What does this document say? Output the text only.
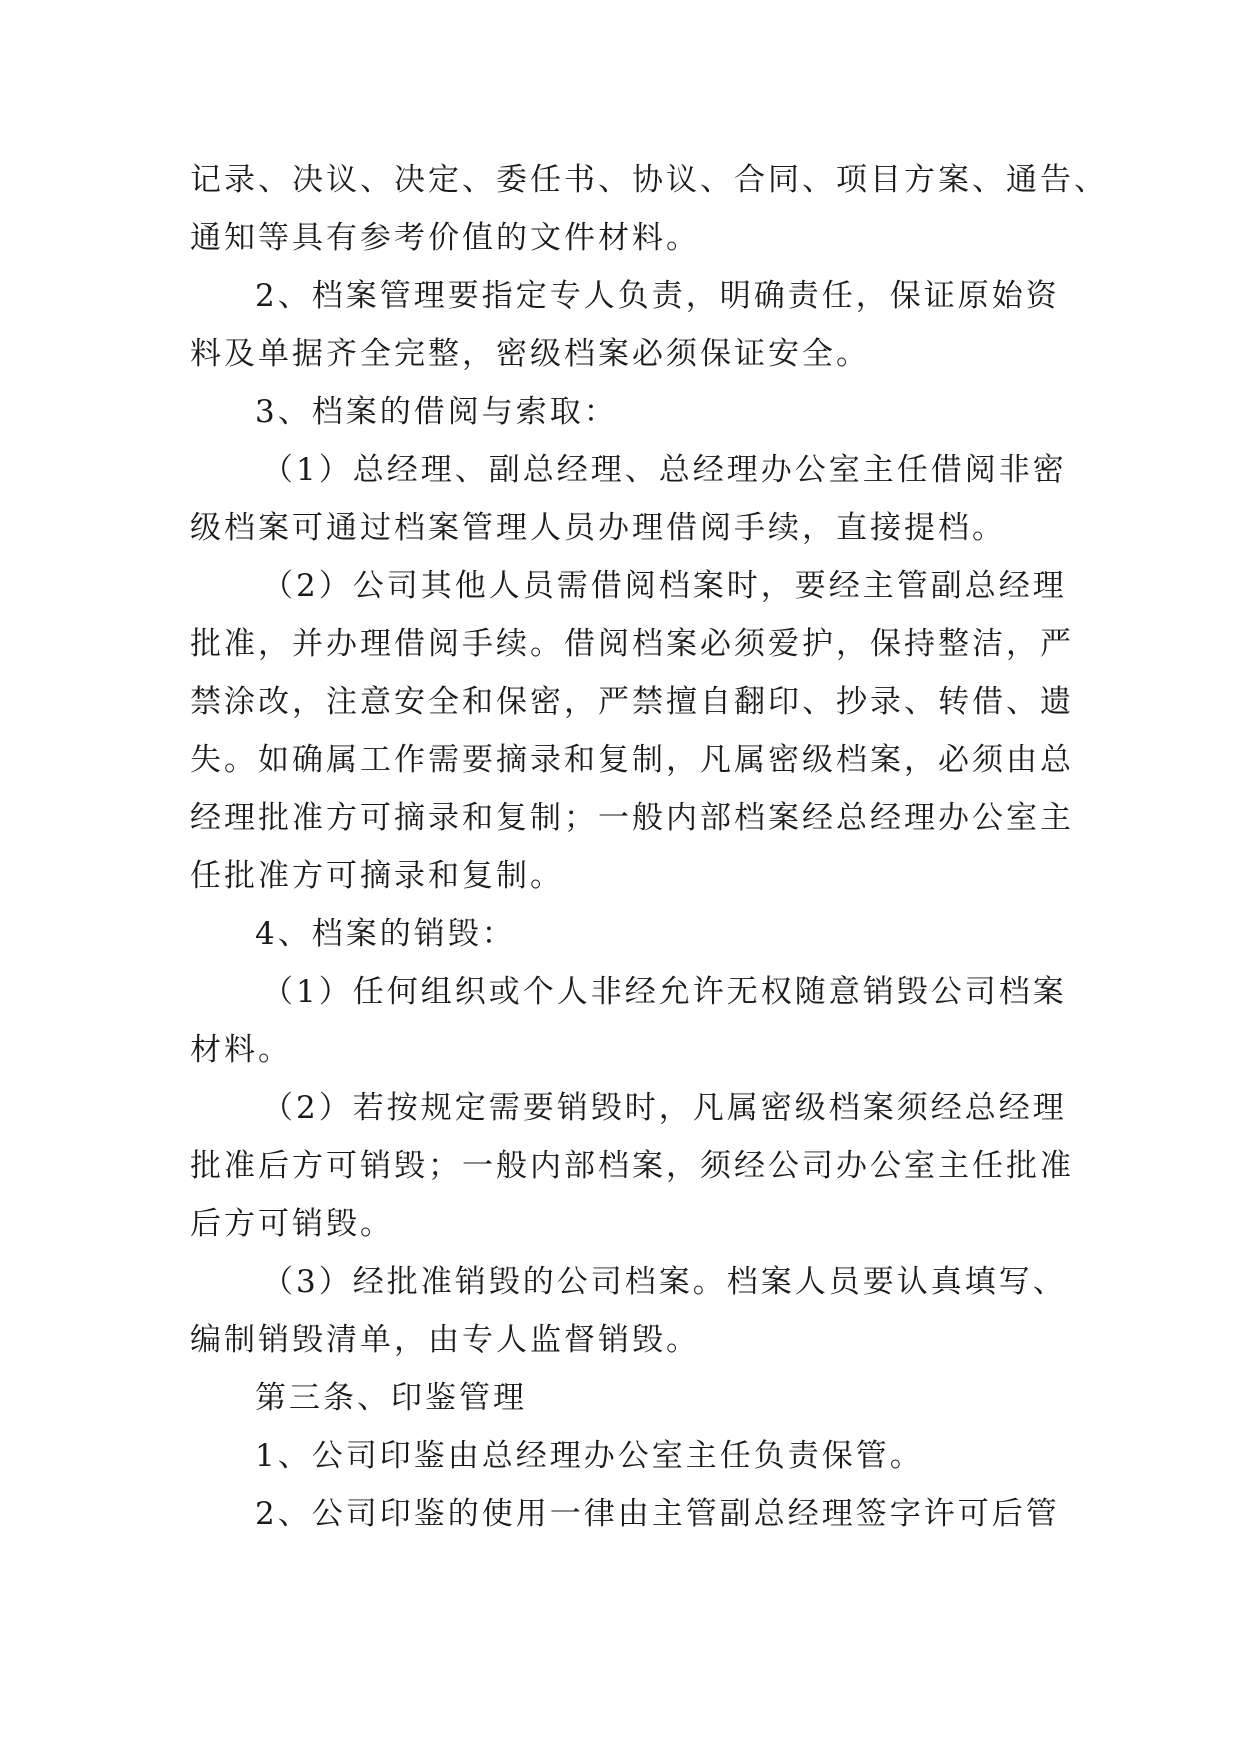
记录、决议、决定、委任书、协议、合同、项目方案、通告、
通知等具有参考价值的文件材料。
2、档案管理要指定专人负责，明确责任，保证原始资
料及单据齐全完整，密级档案必须保证安全。
3、档案的借阅与索取：
（1）总经理、副总经理、总经理办公室主任借阅非密
级档案可通过档案管理人员办理借阅手续，直接提档。
（2）公司其他人员需借阅档案时，要经主管副总经理
批准，并办理借阅手续。借阅档案必须爱护，保持整洁，严
禁涂改，注意安全和保密，严禁擅自翻印、抄录、转借、遗
失。如确属工作需要摘录和复制，凡属密级档案，必须由总
经理批准方可摘录和复制；一般内部档案经总经理办公室主
任批准方可摘录和复制。
4、档案的销毁：
（1）任何组织或个人非经允许无权随意销毁公司档案
材料。
（2）若按规定需要销毁时，凡属密级档案须经总经理
批准后方可销毁；一般内部档案，须经公司办公室主任批准
后方可销毁。
（3）经批准销毁的公司档案。档案人员要认真填写、
编制销毁清单，由专人监督销毁。
第三条、印鉴管理
1、公司印鉴由总经理办公室主任负责保管。
2、公司印鉴的使用一律由主管副总经理签字许可后管
